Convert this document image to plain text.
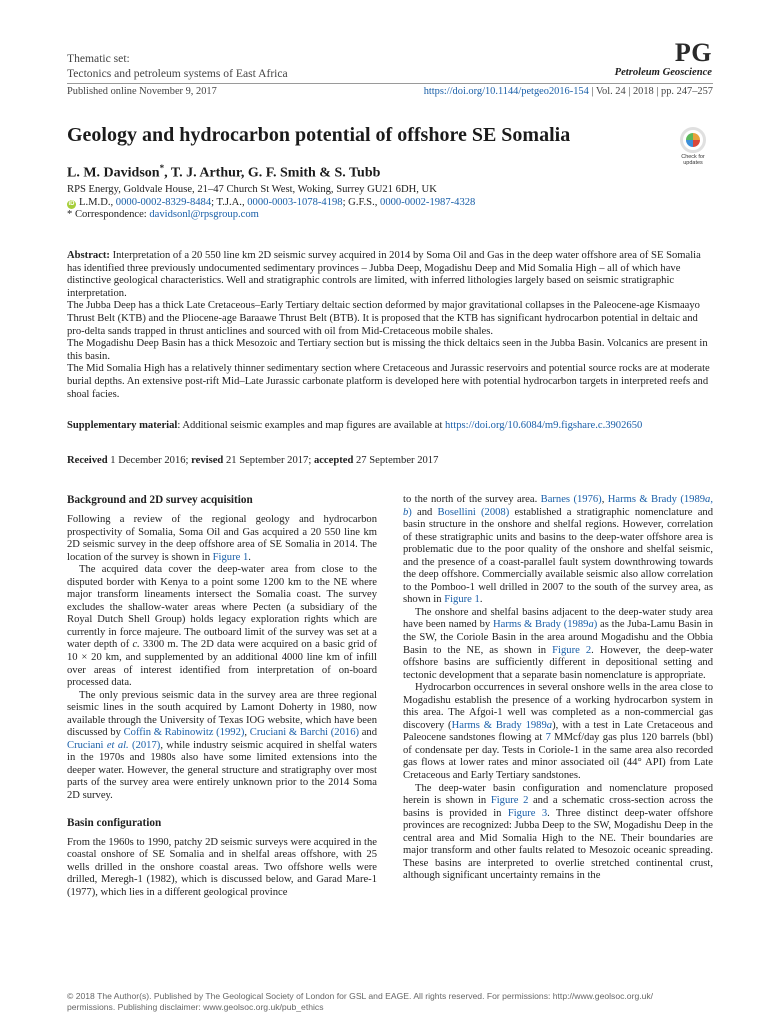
Thematic set:
Tectonics and petroleum systems of East Africa
PG
Petroleum Geoscience
Published online November 9, 2017	https://doi.org/10.1144/petgeo2016-154 | Vol. 24 | 2018 | pp. 247–257
Geology and hydrocarbon potential of offshore SE Somalia
Check for
updates
L. M. Davidson*, T. J. Arthur, G. F. Smith & S. Tubb
RPS Energy, Goldvale House, 21–47 Church St West, Woking, Surrey GU21 6DH, UK
iD L.M.D., 0000-0002-8329-8484; T.J.A., 0000-0003-1078-4198; G.F.S., 0000-0002-1987-4328
* Correspondence: davidsonl@rpsgroup.com

Abstract: Interpretation of a 20 550 line km 2D seismic survey acquired in 2014 by Soma Oil and Gas in the deep water offshore area of SE Somalia has identified three previously undocumented sedimentary provinces – Jubba Deep, Mogadishu Deep and Mid Somalia High – all of which have distinctive geological characteristics. Well and stratigraphic controls are limited, with inferred lithologies largely based on seismic stratigraphic interpretation.

The Jubba Deep has a thick Late Cretaceous–Early Tertiary deltaic section deformed by major gravitational collapses in the Paleocene-age Kismaayo Thrust Belt (KTB) and the Pliocene-age Baraawe Thrust Belt (BTB). It is proposed that the KTB has significant hydrocarbon potential in deltaic and pro-delta sands trapped in thrust anticlines and sourced with oil from Mid-Cretaceous mobile shales.

The Mogadishu Deep Basin has a thick Mesozoic and Tertiary section but is missing the thick deltaics seen in the Jubba Basin. Volcanics are present in this basin.

The Mid Somalia High has a relatively thinner sedimentary section where Cretaceous and Jurassic reservoirs and potential source rocks are at moderate burial depths. An extensive post-rift Mid–Late Jurassic carbonate platform is developed here with potential hydrocarbon targets in interpreted reefs and shoal facies.

Supplementary material: Additional seismic examples and map figures are available at https://doi.org/10.6084/m9.figshare.c.3902650
Received 1 December 2016; revised 21 September 2017; accepted 27 September 2017
Background and 2D survey acquisition

Following a review of the regional geology and hydrocarbon prospectivity of Somalia, Soma Oil and Gas acquired a 20 550 line km 2D seismic survey in the deep offshore area of SE Somalia in 2014. The location of the survey is shown in Figure 1.

The acquired data cover the deep-water area from close to the disputed border with Kenya to a point some 1200 km to the NE where major transform lineaments intersect the Somalia coast. The survey excludes the shallow-water areas where Pecten (a subsidiary of the Royal Dutch Shell Group) holds legacy exploration rights which are currently in force majeure. The outboard limit of the survey was set at a water depth of c. 3300 m. The 2D data were acquired on a basic grid of 10 × 20 km, and supplemented by an additional 4000 line km of infill over areas of interest identified from interpretation of on-board processed data.

The only previous seismic data in the survey area are three regional seismic lines in the south acquired by Lamont Doherty in 1980, now available through the University of Texas IOG website, which have been discussed by Coffin & Rabinowitz (1992), Cruciani & Barchi (2016) and Cruciani et al. (2017), while industry seismic acquired in shelfal waters in the 1970s and 1980s also have some limited extensions into the deeper water. However, the general structure and stratigraphy over most parts of the survey area were entirely unknown prior to the 2014 Soma 2D survey.

Basin configuration

From the 1960s to 1990, patchy 2D seismic surveys were acquired in the coastal onshore of SE Somalia and in shelfal areas offshore, with 25 wells drilled in the onshore coastal areas. Two offshore wells were drilled, Meregh-1 (1982), which is discussed below, and Garad Mare-1 (1977), which lies in a different geological province

to the north of the survey area. Barnes (1976), Harms & Brady (1989a, b) and Bosellini (2008) established a stratigraphic nomenclature and basin structure in the onshore and shelfal regions. However, correlation of these stratigraphic units and basins to the deep-water offshore area is problematic due to the poor quality of the onshore and shelfal seismic, and the presence of a coast-parallel fault system downthrowing towards the deep offshore. Commercially available seismic also allow correlation to the Pomboo-1 well drilled in 2007 to the south of the survey area, as shown in Figure 1.

The onshore and shelfal basins adjacent to the deep-water study area have been named by Harms & Brady (1989a) as the Juba-Lamu Basin in the SW, the Coriole Basin in the area around Mogadishu and the Obbia Basin to the NE, as shown in Figure 2. However, the deep-water offshore basins are sufficiently different in depositional setting and tectonic development that a separate basin nomenclature is appropriate.

Hydrocarbon occurrences in several onshore wells in the area close to Mogadishu establish the presence of a working hydrocarbon system in this area. The Afgoi-1 well was completed as a non-commercial gas discovery (Harms & Brady 1989a), with a test in Late Cretaceous and Paleocene sandstones flowing at 7 MMcf/day gas plus 120 barrels (bbl) of condensate per day. Tests in Coriole-1 in the same area also recorded gas flows at lower rates and minor associated oil (44° API) from Late Cretaceous and Early Tertiary sandstones.

The deep-water basin configuration and nomenclature proposed herein is shown in Figure 2 and a schematic cross-section across the basins is provided in Figure 3. Three distinct deep-water offshore provinces are recognized: Jubba Deep to the SW, Mogadishu Deep in the central area and Mid Somalia High to the NE. Their boundaries are major transform and other faults related to Mesozoic oceanic spreading. These basins are interpreted to overlie stretched continental crust, although significant uncertainty remains in the

© 2018 The Author(s). Published by The Geological Society of London for GSL and EAGE. All rights reserved. For permissions: http://www.geolsoc.org.uk/
permissions. Publishing disclaimer: www.geolsoc.org.uk/pub_ethics
